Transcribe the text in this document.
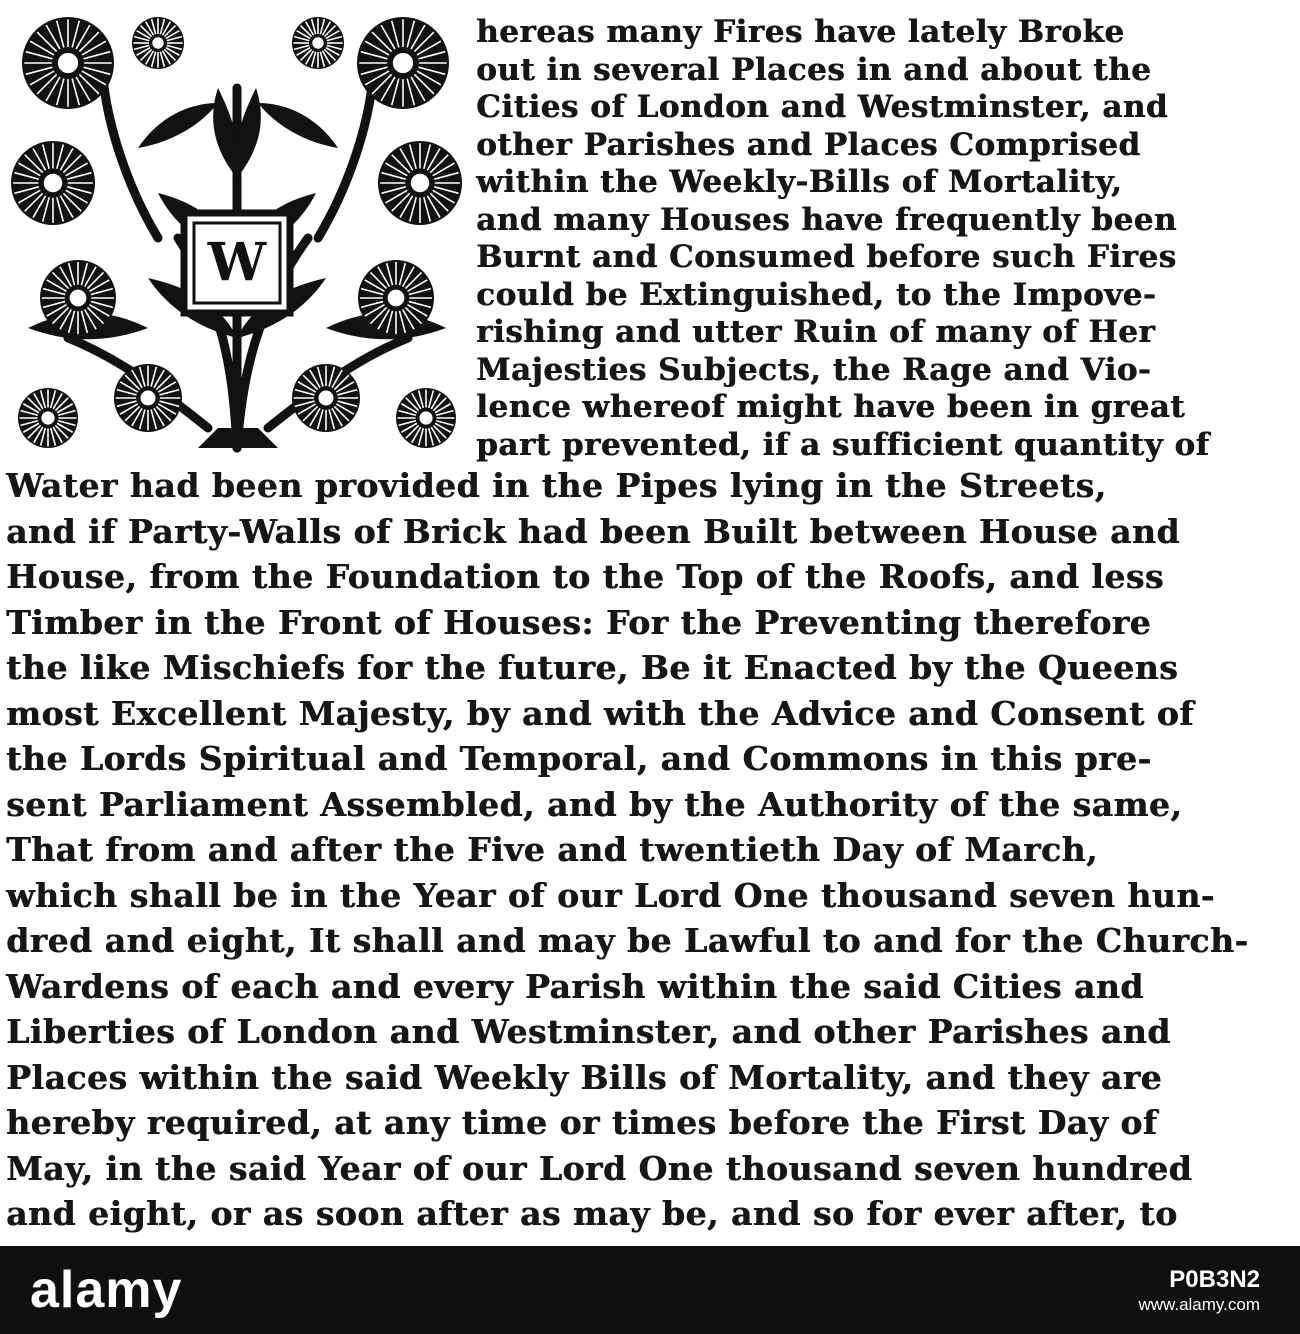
W
hereas many Fires have lately Broke
out in several Places in and about the
Cities of London and Westminster, and
other Parishes and Places Comprised
within the Weekly-Bills of Mortality,
and many Houses have frequently been
Burnt and Consumed before such Fires
could be Extinguished, to the Impove-
rishing and utter Ruin of many of Her
Majesties Subjects, the Rage and Vio-
lence whereof might have been in great
part prevented, if a sufficient quantity of
Water had been provided in the Pipes lying in the Streets,
and if Party-Walls of Brick had been Built between House and
House, from the Foundation to the Top of the Roofs, and less
Timber in the Front of Houses: For the Preventing therefore
the like Mischiefs for the future, Be it Enacted by the Queens
most Excellent Majesty, by and with the Advice and Consent of
the Lords Spiritual and Temporal, and Commons in this pre-
sent Parliament Assembled, and by the Authority of the same,
That from and after the Five and twentieth Day of March,
which shall be in the Year of our Lord One thousand seven hun-
dred and eight, It shall and may be Lawful to and for the Church-
Wardens of each and every Parish within the said Cities and
Liberties of London and Westminster, and other Parishes and
Places within the said Weekly Bills of Mortality, and they are
hereby required, at any time or times before the First Day of
May, in the said Year of our Lord One thousand seven hundred
and eight, or as soon after as may be, and so for ever after, to
alamy	P0B3N2
www.alamy.com
